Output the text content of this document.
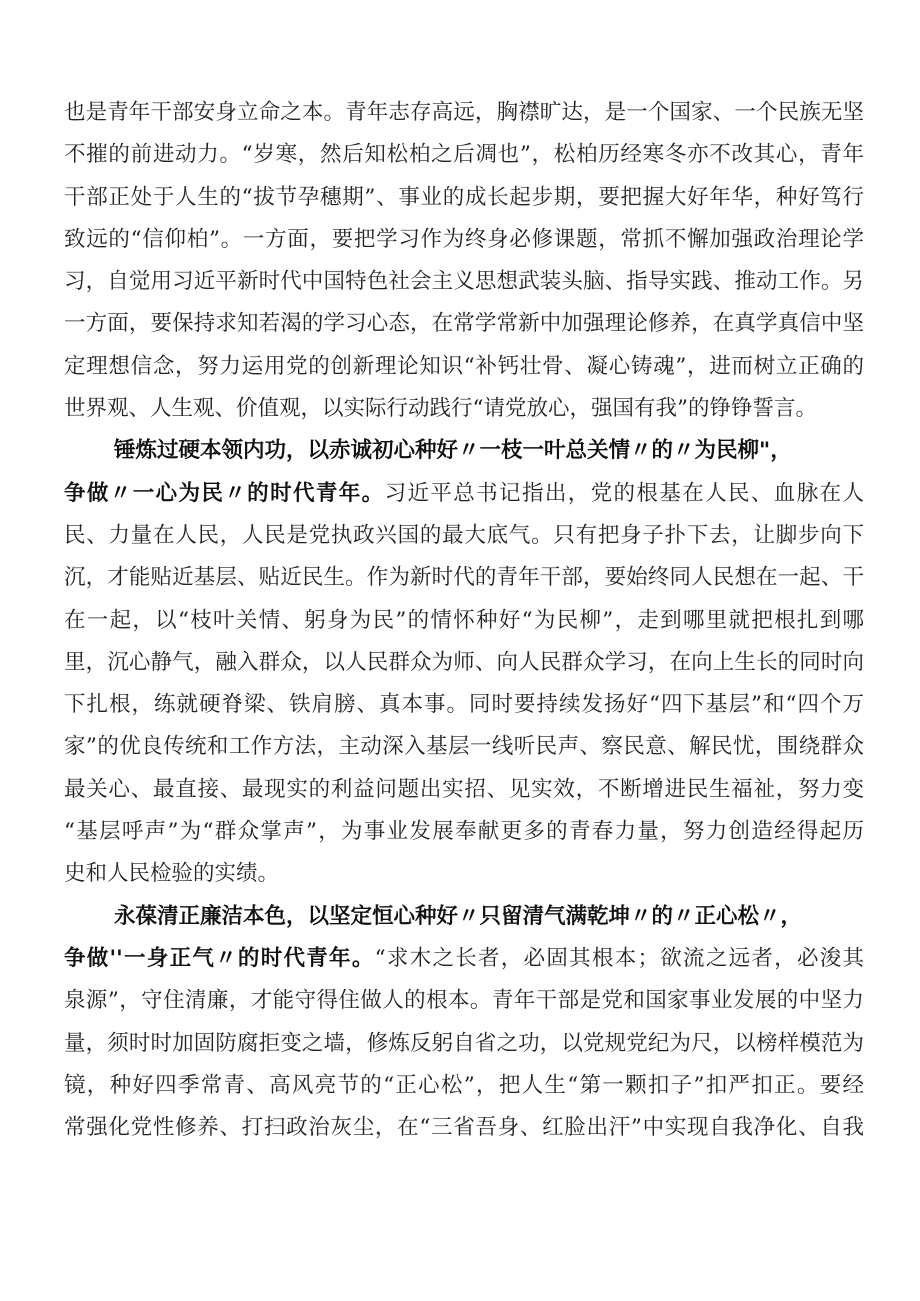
也是青年干部安身立命之本。青年志存高远，胸襟旷达，是一个国家、一个民族无坚
不摧的前进动力。“岁寒，然后知松柏之后凋也”，松柏历经寒冬亦不改其心，青年
干部正处于人生的“拔节孕穗期”、事业的成长起步期，要把握大好年华，种好笃行
致远的“信仰柏”。一方面，要把学习作为终身必修课题，常抓不懈加强政治理论学
习，自觉用习近平新时代中国特色社会主义思想武装头脑、指导实践、推动工作。另
一方面，要保持求知若渴的学习心态，在常学常新中加强理论修养，在真学真信中坚
定理想信念，努力运用党的创新理论知识“补钙壮骨、凝心铸魂”，进而树立正确的
世界观、人生观、价值观，以实际行动践行“请党放心，强国有我”的铮铮誓言。
锤炼过硬本领内功，以赤诚初心种好〃一枝一叶总关情〃的〃为民柳"，
争做〃一心为民〃的时代青年。习近平总书记指出，党的根基在人民、血脉在人
民、力量在人民，人民是党执政兴国的最大底气。只有把身子扑下去，让脚步向下
沉，才能贴近基层、贴近民生。作为新时代的青年干部，要始终同人民想在一起、干
在一起，以“枝叶关情、躬身为民”的情怀种好“为民柳”，走到哪里就把根扎到哪
里，沉心静气，融入群众，以人民群众为师、向人民群众学习，在向上生长的同时向
下扎根，练就硬脊梁、铁肩膀、真本事。同时要持续发扬好“四下基层”和“四个万
家”的优良传统和工作方法，主动深入基层一线听民声、察民意、解民忧，围绕群众
最关心、最直接、最现实的利益问题出实招、见实效，不断增进民生福祉，努力变
“基层呼声”为“群众掌声”，为事业发展奉献更多的青春力量，努力创造经得起历
史和人民检验的实绩。
永葆清正廉洁本色，以坚定恒心种好〃只留清气满乾坤〃的〃正心松〃，
争做''一身正气〃的时代青年。“求木之长者，必固其根本；欲流之远者，必浚其
泉源”，守住清廉，才能守得住做人的根本。青年干部是党和国家事业发展的中坚力
量，须时时加固防腐拒变之墙，修炼反躬自省之功，以党规党纪为尺，以榜样模范为
镜，种好四季常青、高风亮节的“正心松”，把人生“第一颗扣子”扣严扣正。要经
常强化党性修养、打扫政治灰尘，在“三省吾身、红脸出汗”中实现自我净化、自我
